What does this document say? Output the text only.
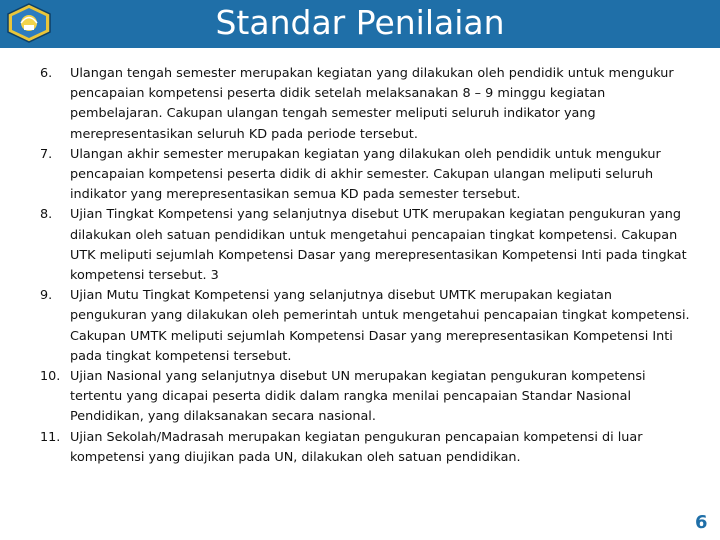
Standar Penilaian
6.	Ulangan tengah semester merupakan kegiatan yang dilakukan oleh pendidik untuk mengukur pencapaian kompetensi peserta didik setelah melaksanakan 8 – 9 minggu kegiatan pembelajaran. Cakupan ulangan tengah semester meliputi seluruh indikator yang merepresentasikan seluruh KD pada periode tersebut.
7.	Ulangan akhir semester merupakan kegiatan yang dilakukan oleh pendidik untuk mengukur pencapaian kompetensi peserta didik di akhir semester. Cakupan ulangan meliputi seluruh indikator yang merepresentasikan semua KD pada semester tersebut.
8.	Ujian Tingkat Kompetensi yang selanjutnya disebut UTK merupakan kegiatan pengukuran yang dilakukan oleh satuan pendidikan untuk mengetahui pencapaian tingkat kompetensi. Cakupan UTK meliputi sejumlah Kompetensi Dasar yang merepresentasikan Kompetensi Inti pada tingkat kompetensi tersebut. 3
9.	Ujian Mutu Tingkat Kompetensi yang selanjutnya disebut UMTK merupakan kegiatan pengukuran yang dilakukan oleh pemerintah untuk mengetahui pencapaian tingkat kompetensi. Cakupan UMTK meliputi sejumlah Kompetensi Dasar yang merepresentasikan Kompetensi Inti pada tingkat kompetensi tersebut.
10. Ujian Nasional yang selanjutnya disebut UN merupakan kegiatan pengukuran kompetensi tertentu yang dicapai peserta didik dalam rangka menilai pencapaian Standar Nasional Pendidikan, yang dilaksanakan secara nasional.
11. Ujian Sekolah/Madrasah merupakan kegiatan pengukuran pencapaian kompetensi di luar kompetensi yang diujikan pada UN, dilakukan oleh satuan pendidikan.
6
